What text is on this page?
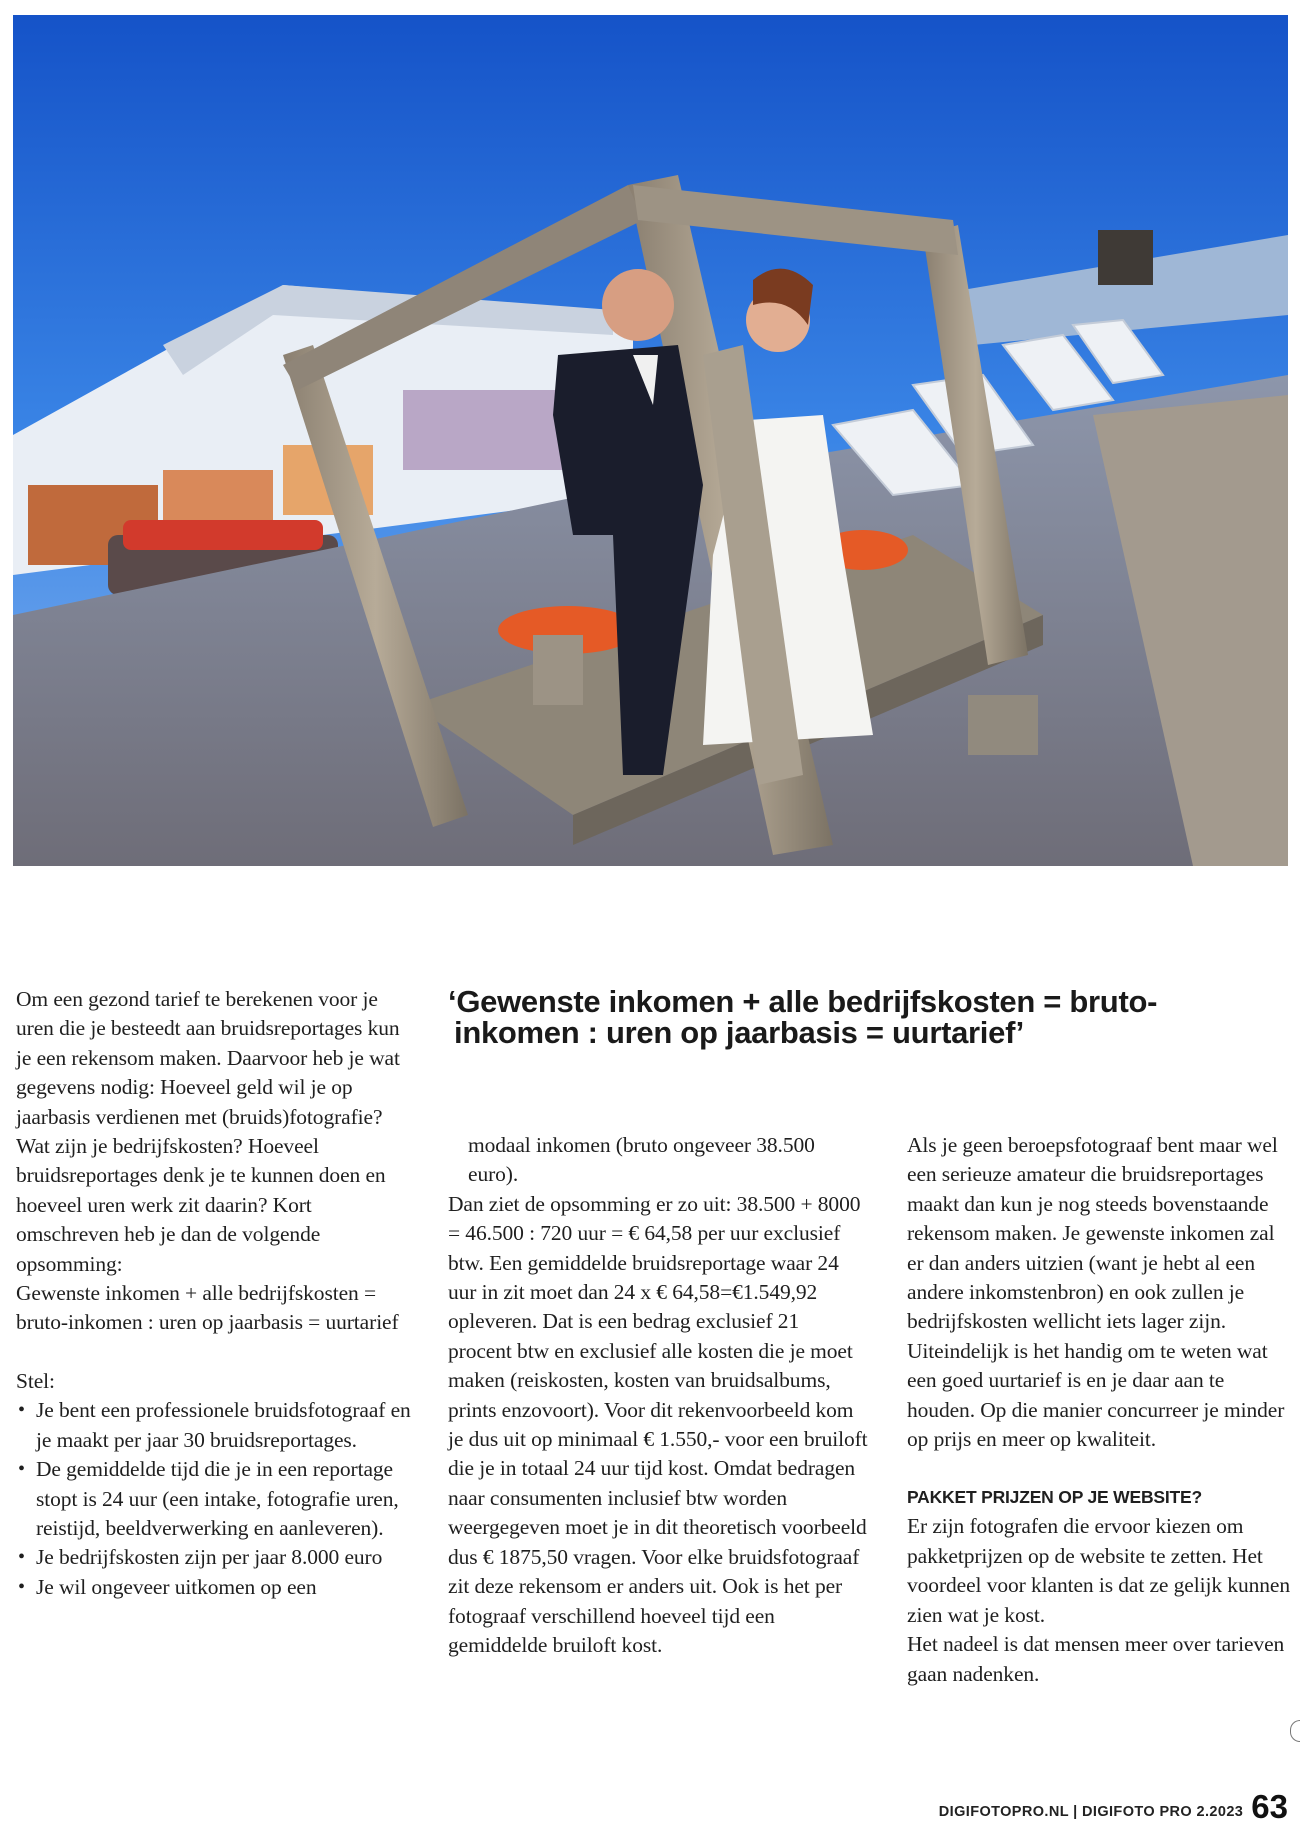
Om een gezond tarief te berekenen voor je uren die je besteedt aan bruidsreportages kun je een rekensom maken. Daarvoor heb je wat gegevens nodig: Hoeveel geld wil je op jaarbasis verdienen met (bruids)fotografie? Wat zijn je bedrijfskosten? Hoeveel bruidsreportages denk je te kunnen doen en hoeveel uren werk zit daarin? Kort omschreven heb je dan de volgende opsomming:

Gewenste inkomen + alle bedrijfskosten = bruto-inkomen : uren op jaarbasis = uurtarief

Stel:

• Je bent een professionele bruidsfotograaf en je maakt per jaar 30 bruidsreportages.
• De gemiddelde tijd die je in een reportage stopt is 24 uur (een intake, fotografie uren, reistijd, beeldverwerking en aanleveren).
• Je bedrijfskosten zijn per jaar 8.000 euro
• Je wil ongeveer uitkomen op een
‘Gewenste inkomen + alle bedrijfskosten = bruto-
inkomen : uren op jaarbasis = uurtarief’

modaal inkomen (bruto ongeveer 38.500 euro).

Dan ziet de opsomming er zo uit: 38.500 + 8000 = 46.500 : 720 uur = € 64,58 per uur exclusief btw. Een gemiddelde bruidsreportage waar 24 uur in zit moet dan 24 x € 64,58=€1.549,92 opleveren. Dat is een bedrag exclusief 21 procent btw en exclusief alle kosten die je moet maken (reiskosten, kosten van bruidsalbums, prints enzovoort). Voor dit rekenvoorbeeld kom je dus uit op minimaal € 1.550,- voor een bruiloft die je in totaal 24 uur tijd kost. Omdat bedragen naar consumenten inclusief btw worden weergegeven moet je in dit theoretisch voorbeeld dus € 1875,50 vragen. Voor elke bruidsfotograaf zit deze rekensom er anders uit. Ook is het per fotograaf verschillend hoeveel tijd een gemiddelde bruiloft kost.

Als je geen beroepsfotograaf bent maar wel een serieuze amateur die bruidsreportages maakt dan kun je nog steeds bovenstaande rekensom maken. Je gewenste inkomen zal er dan anders uitzien (want je hebt al een andere inkomstenbron) en ook zullen je bedrijfskosten wellicht iets lager zijn. Uiteindelijk is het handig om te weten wat een goed uurtarief is en je daar aan te houden. Op die manier concurreer je minder op prijs en meer op kwaliteit.

PAKKET PRIJZEN OP JE WEBSITE?

Er zijn fotografen die ervoor kiezen om pakketprijzen op de website te zetten. Het voordeel voor klanten is dat ze gelijk kunnen zien wat je kost.

Het nadeel is dat mensen meer over tarieven gaan nadenken.

DIGIFOTOPRO.NL | DIGIFOTO PRO 2.2023 63
